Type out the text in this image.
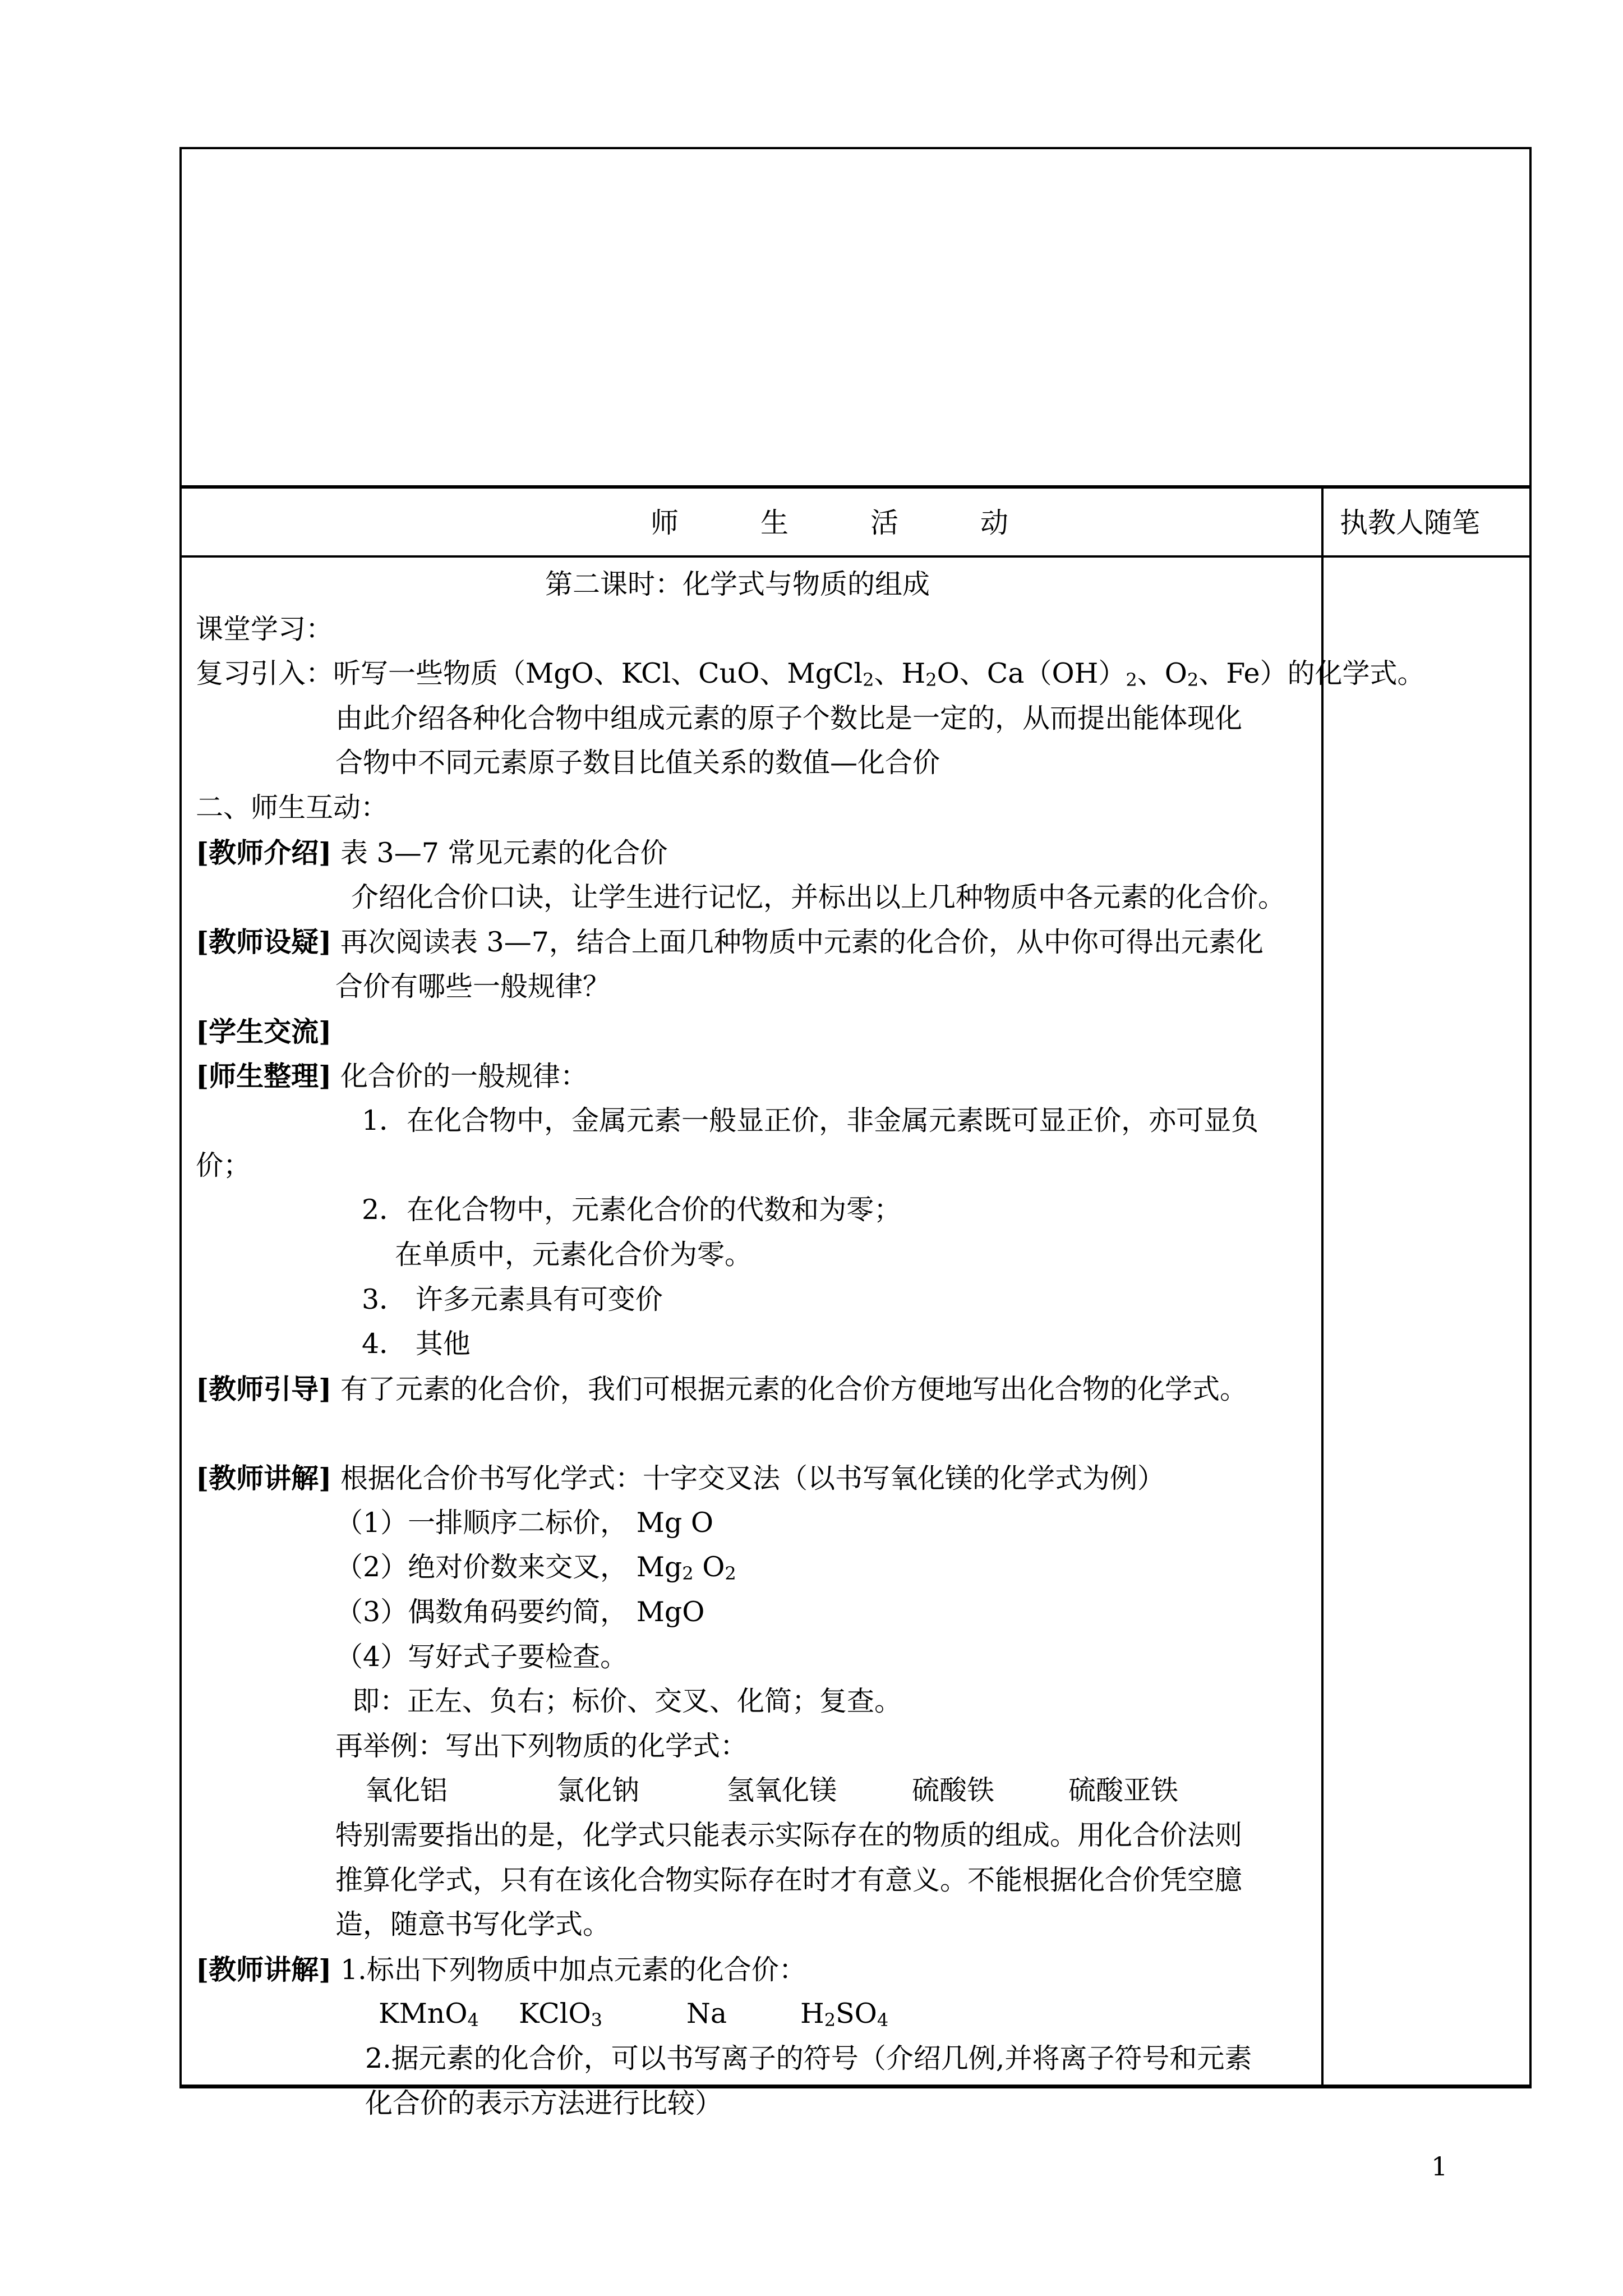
师　生　活　动	执教人随笔
第二课时：化学式与物质的组成
课堂学习：
复习引入：听写一些物质（MgO、KCl、CuO、MgCl$_2$、$H_2O$、$Ca(OH)_2$、$O_2$、Fe）的化学式。
由此介绍各种化合物中组成元素的原子个数比是一定的，从而提出能体现化
合物中不同元素原子数目比值关系的数值—化合价
二、师生互动：
[教师介绍] 表 3—7 常见元素的化合价
介绍化合价口诀，让学生进行记忆，并标出以上几种物质中各元素的化合价。
[教师设疑] 再次阅读表 3—7，结合上面几种物质中元素的化合价，从中你可得出元素化
合价有哪些一般规律？
[学生交流]
[师生整理] 化合价的一般规律：
1．在化合物中，金属元素一般显正价，非金属元素既可显正价，亦可显负
价；
2．在化合物中，元素化合价的代数和为零；
在单质中，元素化合价为零。
3． 许多元素具有可变价
4． 其他
[教师引导] 有了元素的化合价，我们可根据元素的化合价方便地写出化合物的化学式。
[教师讲解] 根据化合价书写化学式：十字交叉法（以书写氧化镁的化学式为例）
（1）一排顺序二标价， Mg O
（2）绝对价数来交叉， $Mg_2$ $O_2$
（3）偶数角码要约简， MgO
（4）写好式子要检查。
即：正左、负右；标价、交叉、化简；复查。
再举例：写出下列物质的化学式：
氧化铝	氯化钠	氢氧化镁	硫酸铁	硫酸亚铁
特别需要指出的是，化学式只能表示实际存在的物质的组成。用化合价法则
推算化学式，只有在该化合物实际存在时才有意义。不能根据化合价凭空臆
造，随意书写化学式。
[教师讲解] 1.标出下列物质中加点元素的化合价：
KMnO$_4$ KClO$_3$	Na	$H_2SO_4$
2.据元素的化合价，可以书写离子的符号（介绍几例,并将离子符号和元素
化合价的表示方法进行比较）
1
